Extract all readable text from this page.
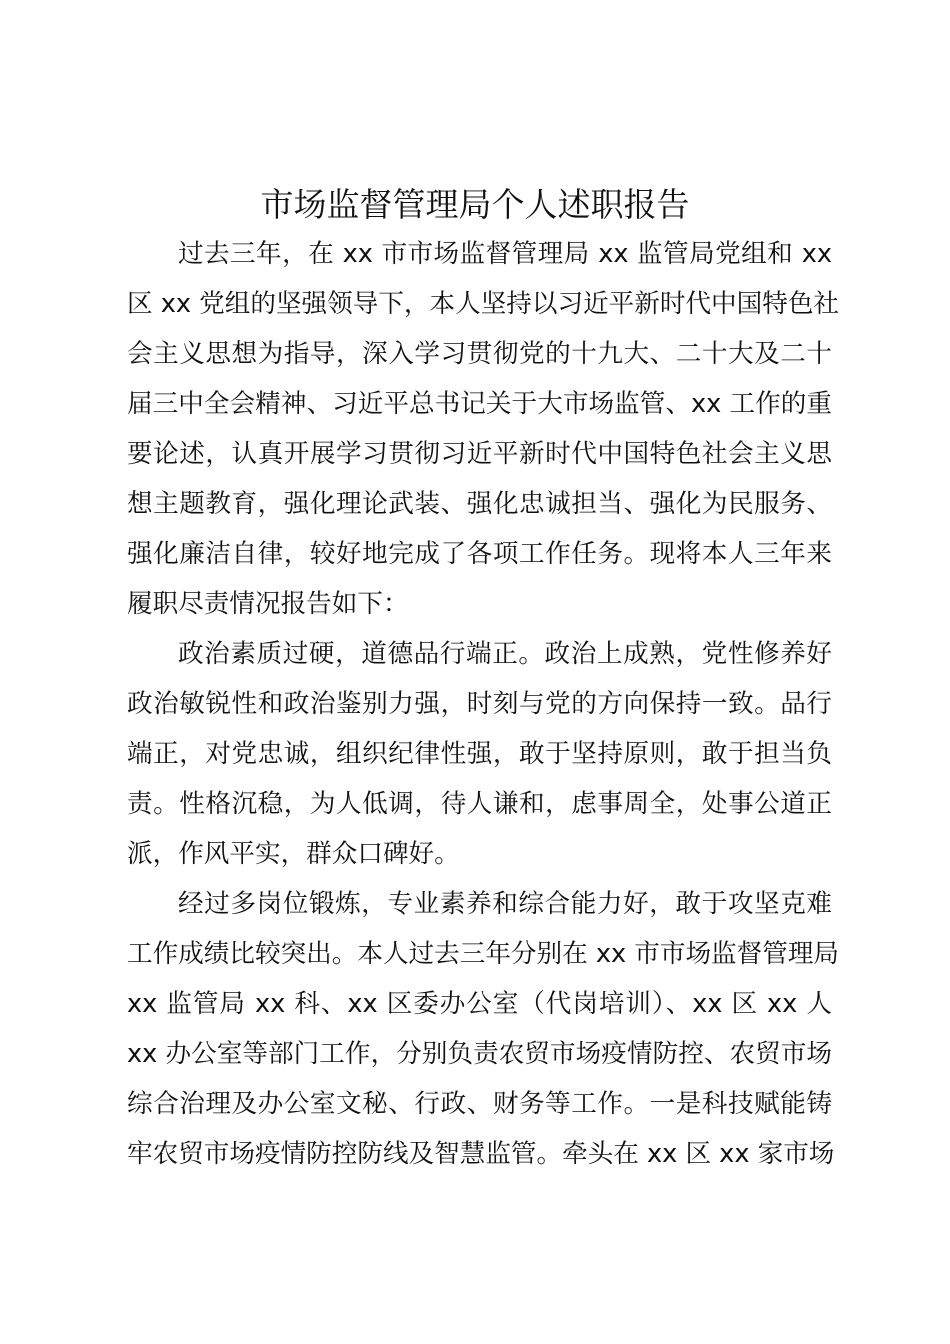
市场监督管理局个人述职报告
过去三年，在 xx 市市场监督管理局 xx 监管局党组和 xx
区 xx 党组的坚强领导下，本人坚持以习近平新时代中国特色社
会主义思想为指导，深入学习贯彻党的十九大、二十大及二十
届三中全会精神、习近平总书记关于大市场监管、xx 工作的重
要论述，认真开展学习贯彻习近平新时代中国特色社会主义思
想主题教育，强化理论武装、强化忠诚担当、强化为民服务、
强化廉洁自律，较好地完成了各项工作任务。现将本人三年来
履职尽责情况报告如下：
政治素质过硬，道德品行端正。政治上成熟，党性修养好
政治敏锐性和政治鉴别力强，时刻与党的方向保持一致。品行
端正，对党忠诚，组织纪律性强，敢于坚持原则，敢于担当负
责。性格沉稳，为人低调，待人谦和，虑事周全，处事公道正
派，作风平实，群众口碑好。
经过多岗位锻炼，专业素养和综合能力好，敢于攻坚克难
工作成绩比较突出。本人过去三年分别在 xx 市市场监督管理局
xx 监管局 xx 科、xx 区委办公室（代岗培训）、xx 区 xx 人
xx 办公室等部门工作，分别负责农贸市场疫情防控、农贸市场
综合治理及办公室文秘、行政、财务等工作。一是科技赋能铸
牢农贸市场疫情防控防线及智慧监管。牵头在 xx 区 xx 家市场
